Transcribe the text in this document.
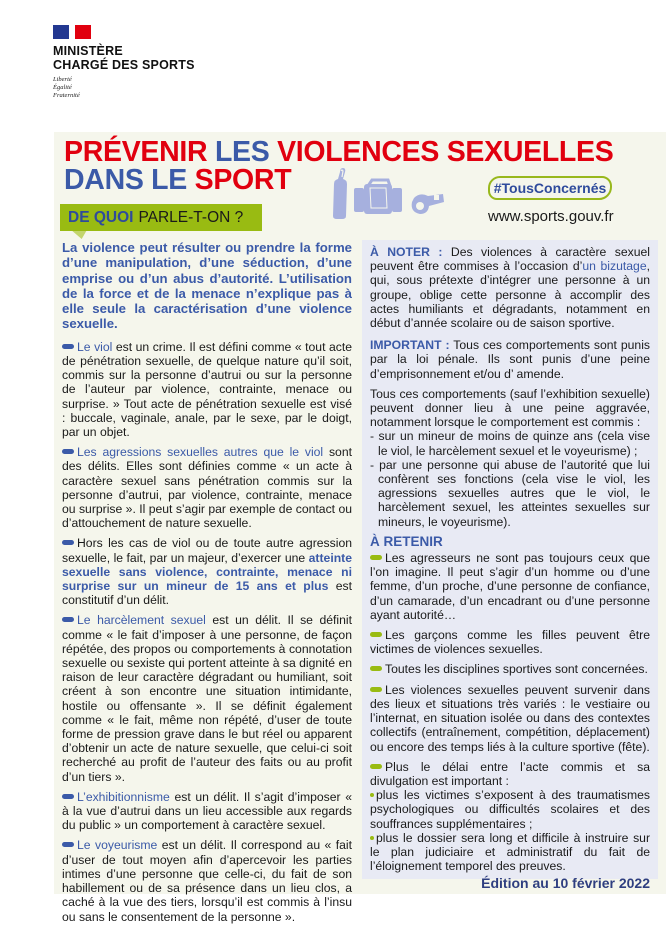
MINISTÈRE
CHARGÉ DES SPORTS
Liberté
Égalité
Fraternité
PRÉVENIR LES VIOLENCES SEXUELLES
DANS LE SPORT	#TousConcernés
www.sports.gouv.fr
DE QUOI PARLE-T-ON ?

La violence peut résulter ou prendre la forme d’une manipulation, d’une séduction, d’une emprise ou d’un abus d’autorité. L’utilisation de la force et de la menace n’explique pas à elle seule la caractérisation d’une violence sexuelle.

Le viol est un crime. Il est défini comme « tout acte de pénétration sexuelle, de quelque nature qu’il soit, commis sur la personne d’autrui ou sur la personne de l’auteur par violence, contrainte, menace ou surprise. » Tout acte de pénétration sexuelle est visé : buccale, vaginale, anale, par le sexe, par le doigt, par un objet.

Les agressions sexuelles autres que le viol sont des délits. Elles sont définies comme « un acte à caractère sexuel sans pénétration commis sur la personne d’autrui, par violence, contrainte, menace ou surprise ». Il peut s’agir par exemple de contact ou d’attouchement de nature sexuelle.

Hors les cas de viol ou de toute autre agression sexuelle, le fait, par un majeur, d’exercer une atteinte sexuelle sans violence, contrainte, menace ni surprise sur un mineur de 15 ans et plus est constitutif d’un délit.

Le harcèlement sexuel est un délit. Il se définit comme « le fait d’imposer à une personne, de façon répétée, des propos ou comportements à connotation sexuelle ou sexiste qui portent atteinte à sa dignité en raison de leur caractère dégradant ou humiliant, soit créent à son encontre une situation intimidante, hostile ou offensante ». Il se définit également comme « le fait, même non répété, d’user de toute forme de pression grave dans le but réel ou apparent d’obtenir un acte de nature sexuelle, que celui-ci soit recherché au profit de l’auteur des faits ou au profit d’un tiers ».

L’exhibitionnisme est un délit. Il s’agit d’imposer « à la vue d’autrui dans un lieu accessible aux regards du public » un comportement à caractère sexuel.

Le voyeurisme est un délit. Il correspond au « fait d’user de tout moyen afin d’apercevoir les parties intimes d’une personne que celle-ci, du fait de son habillement ou de sa présence dans un lieu clos, a caché à la vue des tiers, lorsqu’il est commis à l’insu ou sans le consentement de la personne ».

À NOTER : Des violences à caractère sexuel peuvent être commises à l’occasion d’un bizutage, qui, sous prétexte d’intégrer une personne à un groupe, oblige cette personne à accomplir des actes humiliants et dégradants, notamment en début d’année scolaire ou de saison sportive.

IMPORTANT : Tous ces comportements sont punis par la loi pénale. Ils sont punis d’une peine d’emprisonnement et/ou d’ amende.

Tous ces comportements (sauf l’exhibition sexuelle) peuvent donner lieu à une peine aggravée, notamment lorsque le comportement est commis :

- sur un mineur de moins de quinze ans (cela vise le viol, le harcèlement sexuel et le voyeurisme) ;

- par une personne qui abuse de l’autorité que lui confèrent ses fonctions (cela vise le viol, les agressions sexuelles autres que le viol, le harcèlement sexuel, les atteintes sexuelles sur mineurs, le voyeurisme).

À RETENIR

Les agresseurs ne sont pas toujours ceux que l’on imagine. Il peut s’agir d’un homme ou d’une femme, d’un proche, d’une personne de confiance, d’un camarade, d’un encadrant ou d’une personne ayant autorité…

Les garçons comme les filles peuvent être victimes de violences sexuelles.

Toutes les disciplines sportives sont concernées.

Les violences sexuelles peuvent survenir dans des lieux et situations très variés : le vestiaire ou l’internat, en situation isolée ou dans des contextes collectifs (entraînement, compétition, déplacement) ou encore des temps liés à la culture sportive (fête).

Plus le délai entre l’acte commis et sa divulgation est important :

plus les victimes s’exposent à des traumatismes psychologiques ou difficultés scolaires et des souffrances supplémentaires ;

plus le dossier sera long et difficile à instruire sur le plan judiciaire et administratif du fait de l’éloignement temporel des preuves.

Édition au 10 février 2022
